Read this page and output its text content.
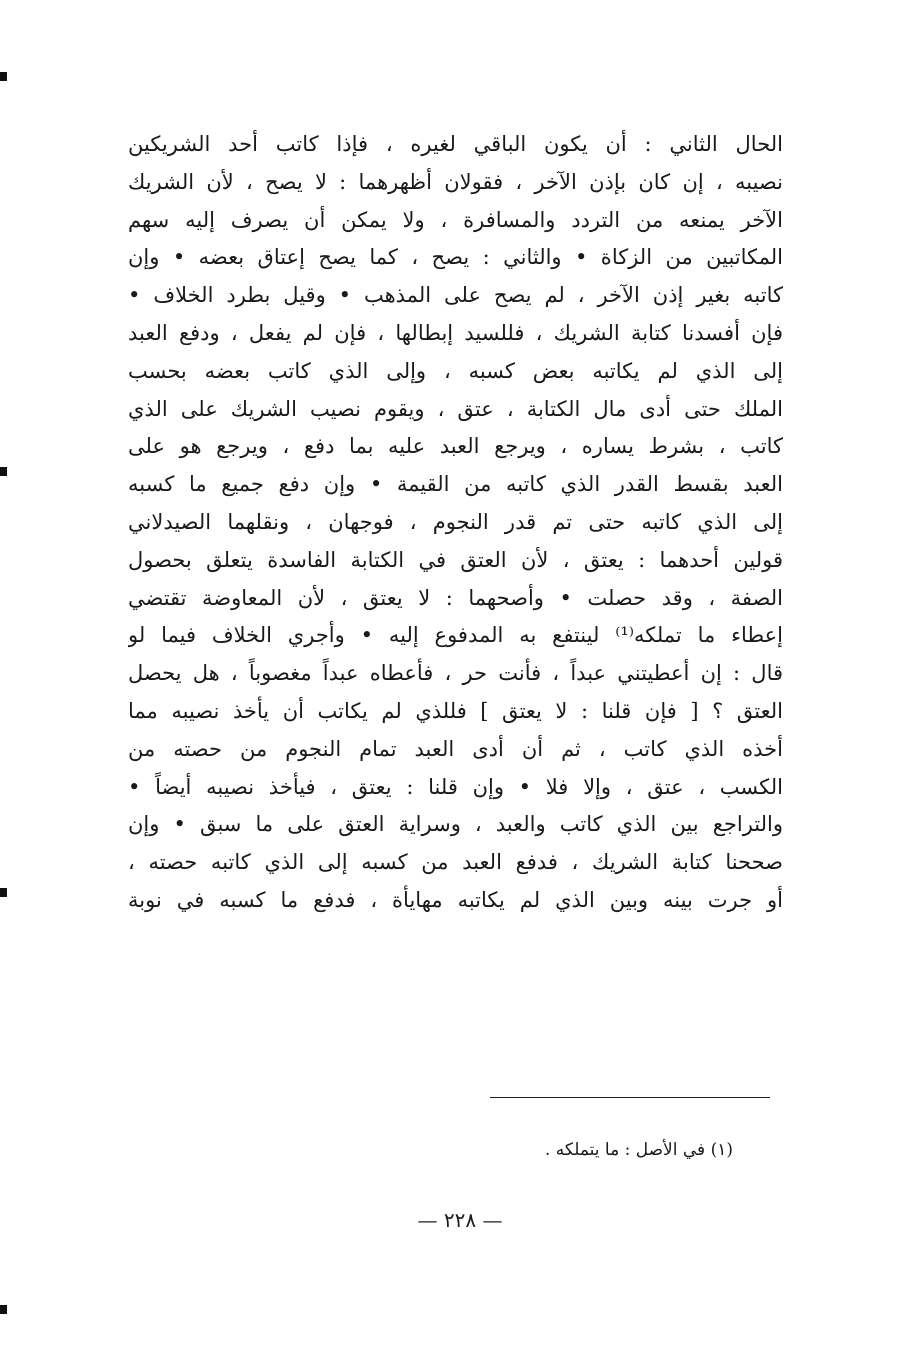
الحال الثاني : أن يكون الباقي لغيره ، فإذا كاتب أحد الشريكين
نصيبه ، إن كان بإذن الآخر ، فقولان أظهرهما : لا يصح ، لأن الشريك
الآخر يمنعه من التردد والمسافرة ، ولا يمكن أن يصرف إليه سهم
المكاتبين من الزكاة • والثاني : يصح ، كما يصح إعتاق بعضه • وإن
كاتبه بغير إذن الآخر ، لم يصح على المذهب • وقيل بطرد الخلاف •
فإن أفسدنا كتابة الشريك ، فللسيد إبطالها ، فإن لم يفعل ، ودفع العبد
إلى الذي لم يكاتبه بعض كسبه ، وإلى الذي كاتب بعضه بحسب
الملك حتى أدى مال الكتابة ، عتق ، ويقوم نصيب الشريك على الذي
كاتب ، بشرط يساره ، ويرجع العبد عليه بما دفع ، ويرجع هو على
العبد بقسط القدر الذي كاتبه من القيمة • وإن دفع جميع ما كسبه
إلى الذي كاتبه حتى تم قدر النجوم ، فوجهان ، ونقلهما الصيدلاني
قولين أحدهما : يعتق ، لأن العتق في الكتابة الفاسدة يتعلق بحصول
الصفة ، وقد حصلت • وأصحهما : لا يعتق ، لأن المعاوضة تقتضي
إعطاء ما تملكه⁽¹⁾ لينتفع به المدفوع إليه • وأجري الخلاف فيما لو
قال : إن أعطيتني عبداً ، فأنت حر ، فأعطاه عبداً مغصوباً ، هل يحصل
العتق ؟ [ فإن قلنا : لا يعتق ] فللذي لم يكاتب أن يأخذ نصيبه مما
أخذه الذي كاتب ، ثم أن أدى العبد تمام النجوم من حصته من
الكسب ، عتق ، وإلا فلا • وإن قلنا : يعتق ، فيأخذ نصيبه أيضاً •
والتراجع بين الذي كاتب والعبد ، وسراية العتق على ما سبق • وإن
صححنا كتابة الشريك ، فدفع العبد من كسبه إلى الذي كاتبه حصته ،
أو جرت بينه وبين الذي لم يكاتبه مهايأة ، فدفع ما كسبه في نوبة
(١) في الأصل : ما يتملكه .
— ٢٢٨ —
